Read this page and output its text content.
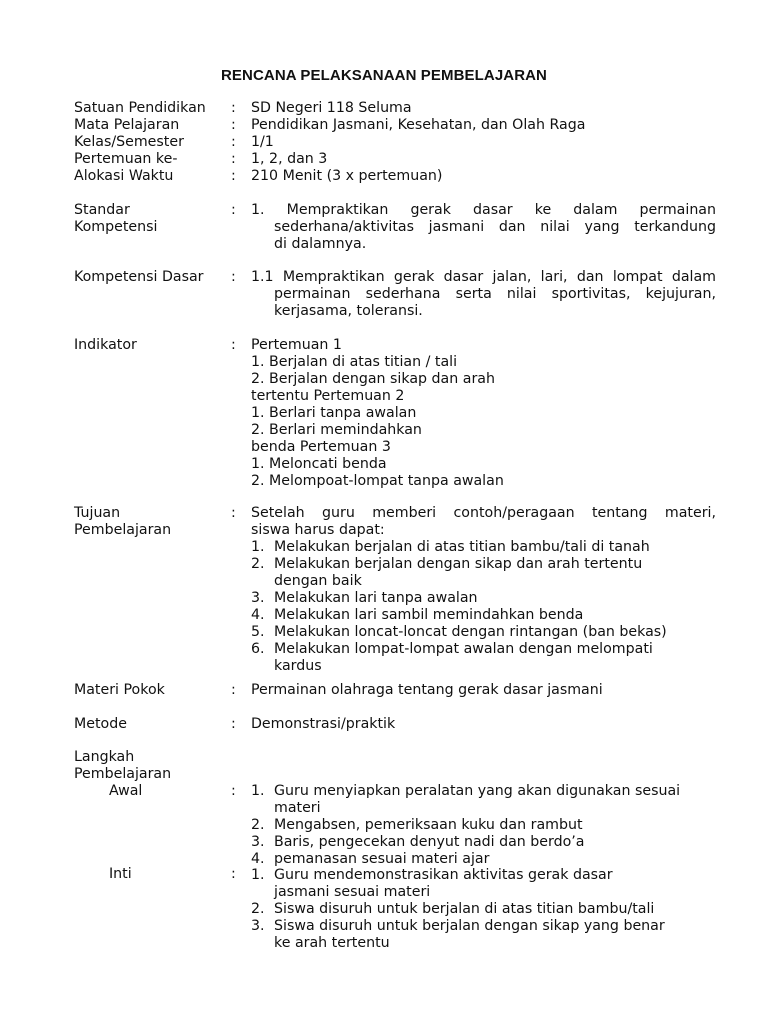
RENCANA PELAKSANAAN PEMBELAJARAN
Satuan Pendidikan : SD Negeri 118 Seluma
Mata Pelajaran	: Pendidikan Jasmani, Kesehatan, dan Olah Raga
Kelas/Semester	: 1/1
Pertemuan ke-	: 1, 2, dan 3
Alokasi Waktu	: 210 Menit (3 x pertemuan)
Standar
Kompetensi
: 1. Mempraktikan gerak dasar ke dalam permainan
sederhana/aktivitas jasmani dan nilai yang terkandung
di dalamnya.
Kompetensi Dasar : 1.1 Mempraktikan gerak dasar jalan, lari, dan lompat dalam
permainan sederhana serta nilai sportivitas, kejujuran,
kerjasama, toleransi.
Indikator	: Pertemuan 1
1. Berjalan di atas titian / tali
2. Berjalan dengan sikap dan arah
tertentu Pertemuan 2
1. Berlari tanpa awalan
2. Berlari memindahkan
benda Pertemuan 3
1. Meloncati benda
2. Melompoat-lompat tanpa awalan
Tujuan
Pembelajaran
: Setelah guru memberi contoh/peragaan tentang materi,
siswa harus dapat:
1. Melakukan berjalan di atas titian bambu/tali di tanah
2. Melakukan berjalan dengan sikap dan arah tertentu
dengan baik
3. Melakukan lari tanpa awalan
4. Melakukan lari sambil memindahkan benda
5. Melakukan loncat-loncat dengan rintangan (ban bekas)
6. Melakukan lompat-lompat awalan dengan melompati
kardus
Materi Pokok	: Permainan olahraga tentang gerak dasar jasmani
Metode	: Demonstrasi/praktik
Langkah
Pembelajaran
Awal	: 1. Guru menyiapkan peralatan yang akan digunakan sesuai
materi
2. Mengabsen, pemeriksaan kuku dan rambut
3. Baris, pengecekan denyut nadi dan berdo’a
4. pemanasan sesuai materi ajar
Inti	: 1. Guru mendemonstrasikan aktivitas gerak dasar
jasmani sesuai materi
2. Siswa disuruh untuk berjalan di atas titian bambu/tali
3. Siswa disuruh untuk berjalan dengan sikap yang benar
ke arah tertentu
